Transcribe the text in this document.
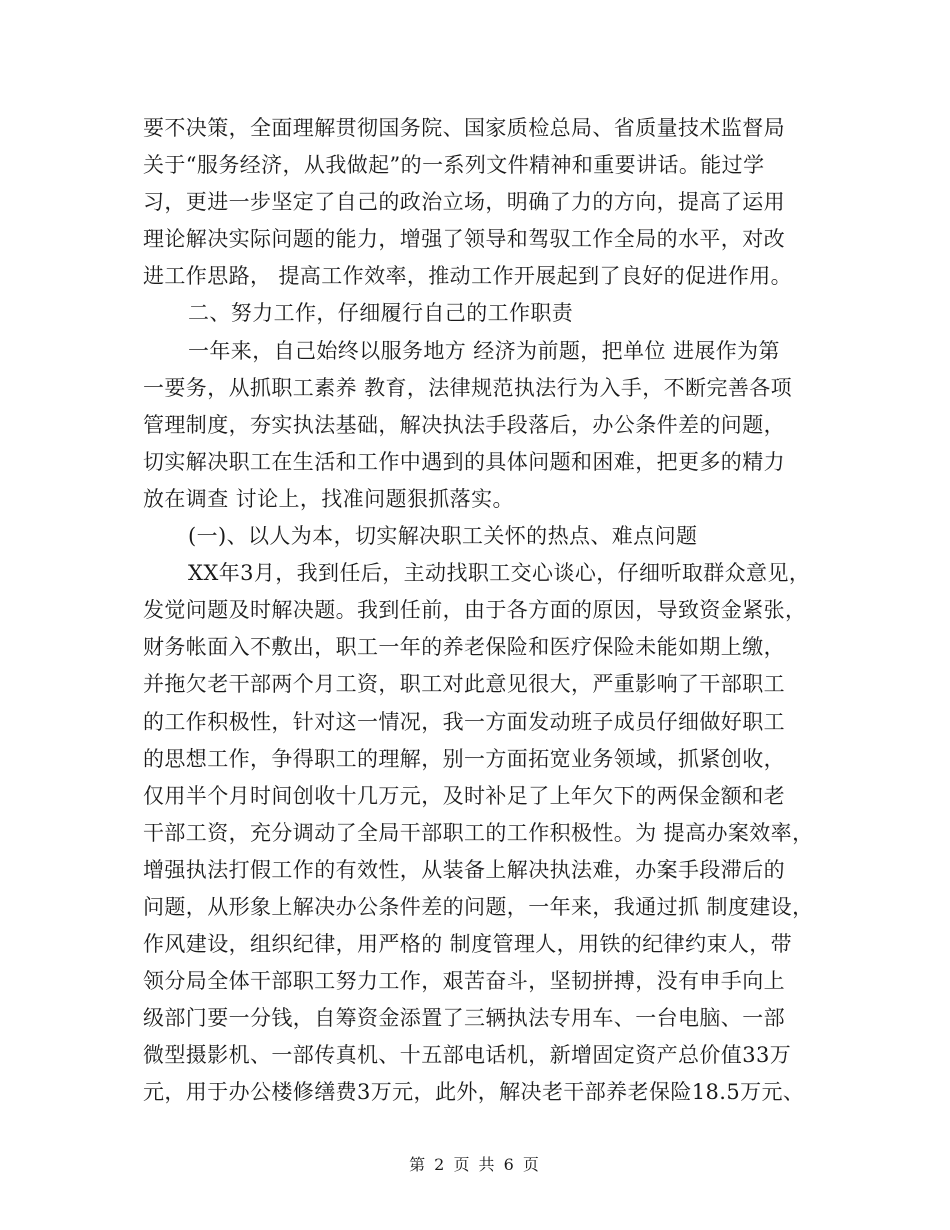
要不决策，全面理解贯彻国务院、国家质检总局、省质量技术监督局
关于“服务经济，从我做起”的一系列文件精神和重要讲话。能过学
习，更进一步坚定了自己的政治立场，明确了力的方向，提高了运用
理论解决实际问题的能力，增强了领导和驾驭工作全局的水平，对改
进工作思路， 提高工作效率，推动工作开展起到了良好的促进作用。
二、努力工作，仔细履行自己的工作职责
一年来，自己始终以服务地方 经济为前题，把单位 进展作为第
一要务，从抓职工素养 教育，法律规范执法行为入手，不断完善各项
管理制度，夯实执法基础，解决执法手段落后，办公条件差的问题，
切实解决职工在生活和工作中遇到的具体问题和困难，把更多的精力
放在调查 讨论上，找准问题狠抓落实。
(一)、以人为本，切实解决职工关怀的热点、难点问题
XX年3月，我到任后，主动找职工交心谈心，仔细听取群众意见，
发觉问题及时解决题。我到任前，由于各方面的原因，导致资金紧张，
财务帐面入不敷出，职工一年的养老保险和医疗保险未能如期上缴，
并拖欠老干部两个月工资，职工对此意见很大，严重影响了干部职工
的工作积极性，针对这一情况，我一方面发动班子成员仔细做好职工
的思想工作，争得职工的理解，别一方面拓宽业务领域，抓紧创收，
仅用半个月时间创收十几万元，及时补足了上年欠下的两保金额和老
干部工资，充分调动了全局干部职工的工作积极性。为 提高办案效率，
增强执法打假工作的有效性，从装备上解决执法难，办案手段滞后的
问题，从形象上解决办公条件差的问题，一年来，我通过抓 制度建设，
作风建设，组织纪律，用严格的 制度管理人，用铁的纪律约束人，带
领分局全体干部职工努力工作，艰苦奋斗，坚韧拼搏，没有申手向上
级部门要一分钱，自筹资金添置了三辆执法专用车、一台电脑、一部
微型摄影机、一部传真机、十五部电话机，新增固定资产总价值33万
元，用于办公楼修缮费3万元，此外，解决老干部养老保险18.5万元、
第 2 页 共 6 页
